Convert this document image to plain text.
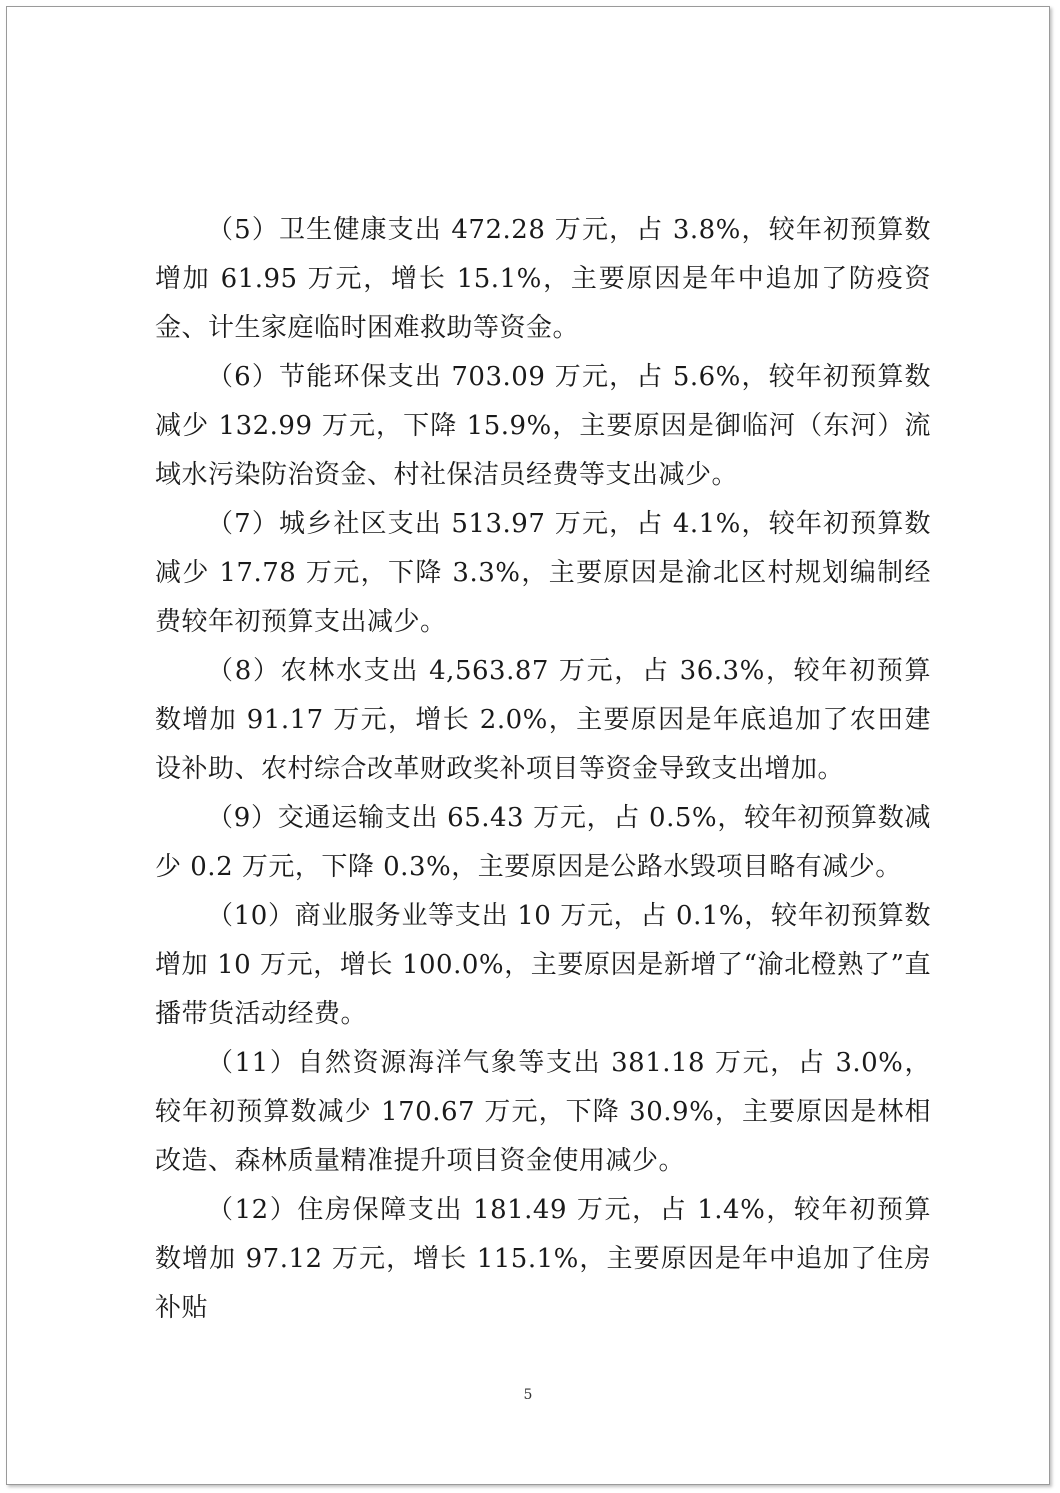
（5）卫生健康支出 472.28 万元，占 3.8%，较年初预算数增加 61.95 万元，增长 15.1%，主要原因是年中追加了防疫资金、计生家庭临时困难救助等资金。

（6）节能环保支出 703.09 万元，占 5.6%，较年初预算数减少 132.99 万元，下降 15.9%，主要原因是御临河（东河）流域水污染防治资金、村社保洁员经费等支出减少。

（7）城乡社区支出 513.97 万元，占 4.1%，较年初预算数减少 17.78 万元，下降 3.3%，主要原因是渝北区村规划编制经费较年初预算支出减少。

（8）农林水支出 4,563.87 万元，占 36.3%，较年初预算数增加 91.17 万元，增长 2.0%，主要原因是年底追加了农田建设补助、农村综合改革财政奖补项目等资金导致支出增加。

（9）交通运输支出 65.43 万元，占 0.5%，较年初预算数减少 0.2 万元，下降 0.3%，主要原因是公路水毁项目略有减少。

（10）商业服务业等支出 10 万元，占 0.1%，较年初预算数增加 10 万元，增长 100.0%，主要原因是新增了“渝北橙熟了”直播带货活动经费。

（11）自然资源海洋气象等支出 381.18 万元，占 3.0%，较年初预算数减少 170.67 万元，下降 30.9%，主要原因是林相改造、森林质量精准提升项目资金使用减少。

（12）住房保障支出 181.49 万元，占 1.4%，较年初预算数增加 97.12 万元，增长 115.1%，主要原因是年中追加了住房补贴

5
